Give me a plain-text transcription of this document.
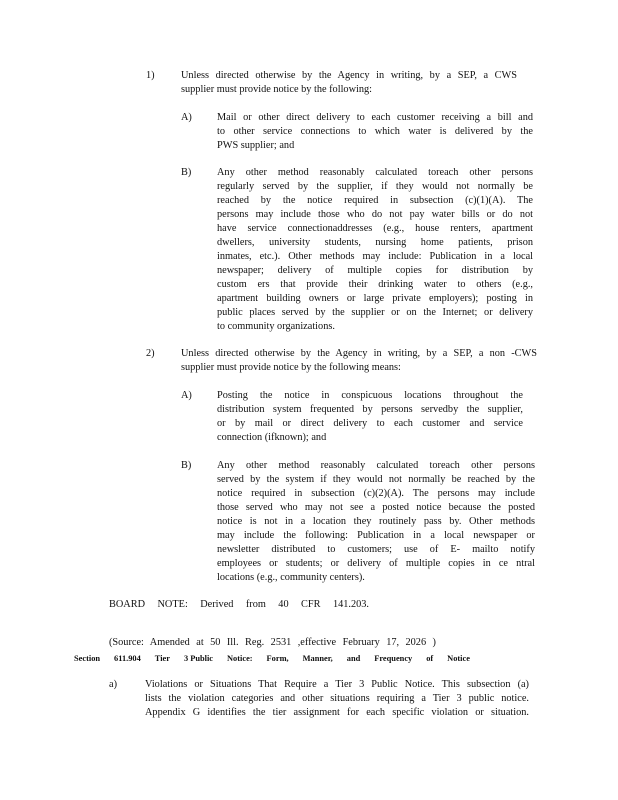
1)	Unless directed otherwise by the Agency in writing, by a SEP, a CWS
supplier must provide notice by the following:
A) Mail or other direct delivery to each customer receiving a bill and
to other service connections to which water is delivered by the
PWS supplier; and
B) Any other method reasonably calculated toreach other persons
regularly served by the supplier, if they would not normally be
reached by the notice required in subsection (c)(1)(A). The
persons may include those who do not pay water bills or do not
have service connectionaddresses (e.g., house renters, apartment
dwellers, university students, nursing home patients, prison
inmates, etc.). Other methods may include: Publication in a local
newspaper; delivery of multiple copies for distribution by
custom ers that provide their drinking water to others (e.g.,
apartment building owners or large private employers); posting in
public places served by the supplier or on the Internet; or delivery
to community organizations.
2)	Unless directed otherwise by the Agency in writing, by a SEP, a non -CWS
supplier must provide notice by the following means:
A) Posting the notice in conspicuous locations throughout the
distribution system frequented by persons servedby the supplier,
or by mail or direct delivery to each customer and service
connection (ifknown); and
B) Any other method reasonably calculated toreach other persons
served by the system if they would not normally be reached by the
notice required in subsection (c)(2)(A). The persons may include
those served who may not see a posted notice because the posted
notice is not in a location they routinely pass by. Other methods
may include the following: Publication in a local newspaper or
newsletter distributed to customers; use of E- mailto notify
employees or students; or delivery of multiple copies in ce ntral
locations (e.g., community centers).
BOARD NOTE: Derived from 40 CFR 141.203.
(Source: Amended at 50 Ill. Reg. 2531 ,effective February 17, 2026 )
Section 611.904 Tier 3 Public Notice: Form, Manner, and Frequency of Notice
a)	Violations or Situations That Require a Tier 3 Public Notice. This subsection (a)
lists the violation categories and other situations requiring a Tier 3 public notice.
Appendix G identifies the tier assignment for each specific violation or situation.
